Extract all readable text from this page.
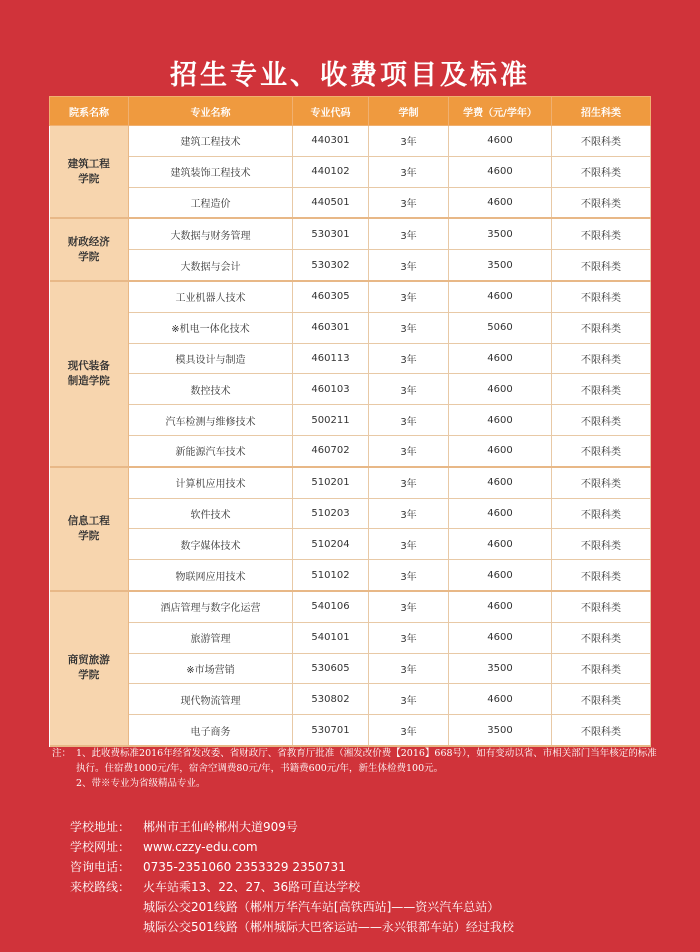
招生专业、收费项目及标准
院系名称	专业名称	专业代码	学制	学费（元/学年）	招生科类
建筑工程
学院	建筑工程技术	440301	3年	4600	不限科类
	建筑装饰工程技术	440102	3年	4600	不限科类
	工程造价	440501	3年	4600	不限科类
财政经济
学院	大数据与财务管理	530301	3年	3500	不限科类
	大数据与会计	530302	3年	3500	不限科类
现代装备
制造学院	工业机器人技术	460305	3年	4600	不限科类
	※机电一体化技术	460301	3年	5060	不限科类
	模具设计与制造	460113	3年	4600	不限科类
	数控技术	460103	3年	4600	不限科类
	汽车检测与维修技术	500211	3年	4600	不限科类
	新能源汽车技术	460702	3年	4600	不限科类
信息工程
学院	计算机应用技术	510201	3年	4600	不限科类
	软件技术	510203	3年	4600	不限科类
	数字媒体技术	510204	3年	4600	不限科类
	物联网应用技术	510102	3年	4600	不限科类
商贸旅游
学院	酒店管理与数字化运营	540106	3年	4600	不限科类
	旅游管理	540101	3年	4600	不限科类
	※市场营销	530605	3年	3500	不限科类
	现代物流管理	530802	3年	4600	不限科类
	电子商务	530701	3年	3500	不限科类
注： 1、此收费标准2016年经省发改委、省财政厅、省教育厅批准（湘发改价费【2016】668号），如有变动以省、市相关部门当年核定的标准执行。住宿费1000元/年，宿舍空调费80元/年，书籍费600元/年，新生体检费100元。
2、带※专业为省级精品专业。
学校地址： 郴州市王仙岭郴州大道909号
学校网址： www.czzy-edu.com
咨询电话： 0735-2351060 2353329 2350731
来校路线： 火车站乘13、22、27、36路可直达学校
城际公交201线路（郴州万华汽车站[高铁西站]——资兴汽车总站）
城际公交501线路（郴州城际大巴客运站——永兴银都车站）经过我校
